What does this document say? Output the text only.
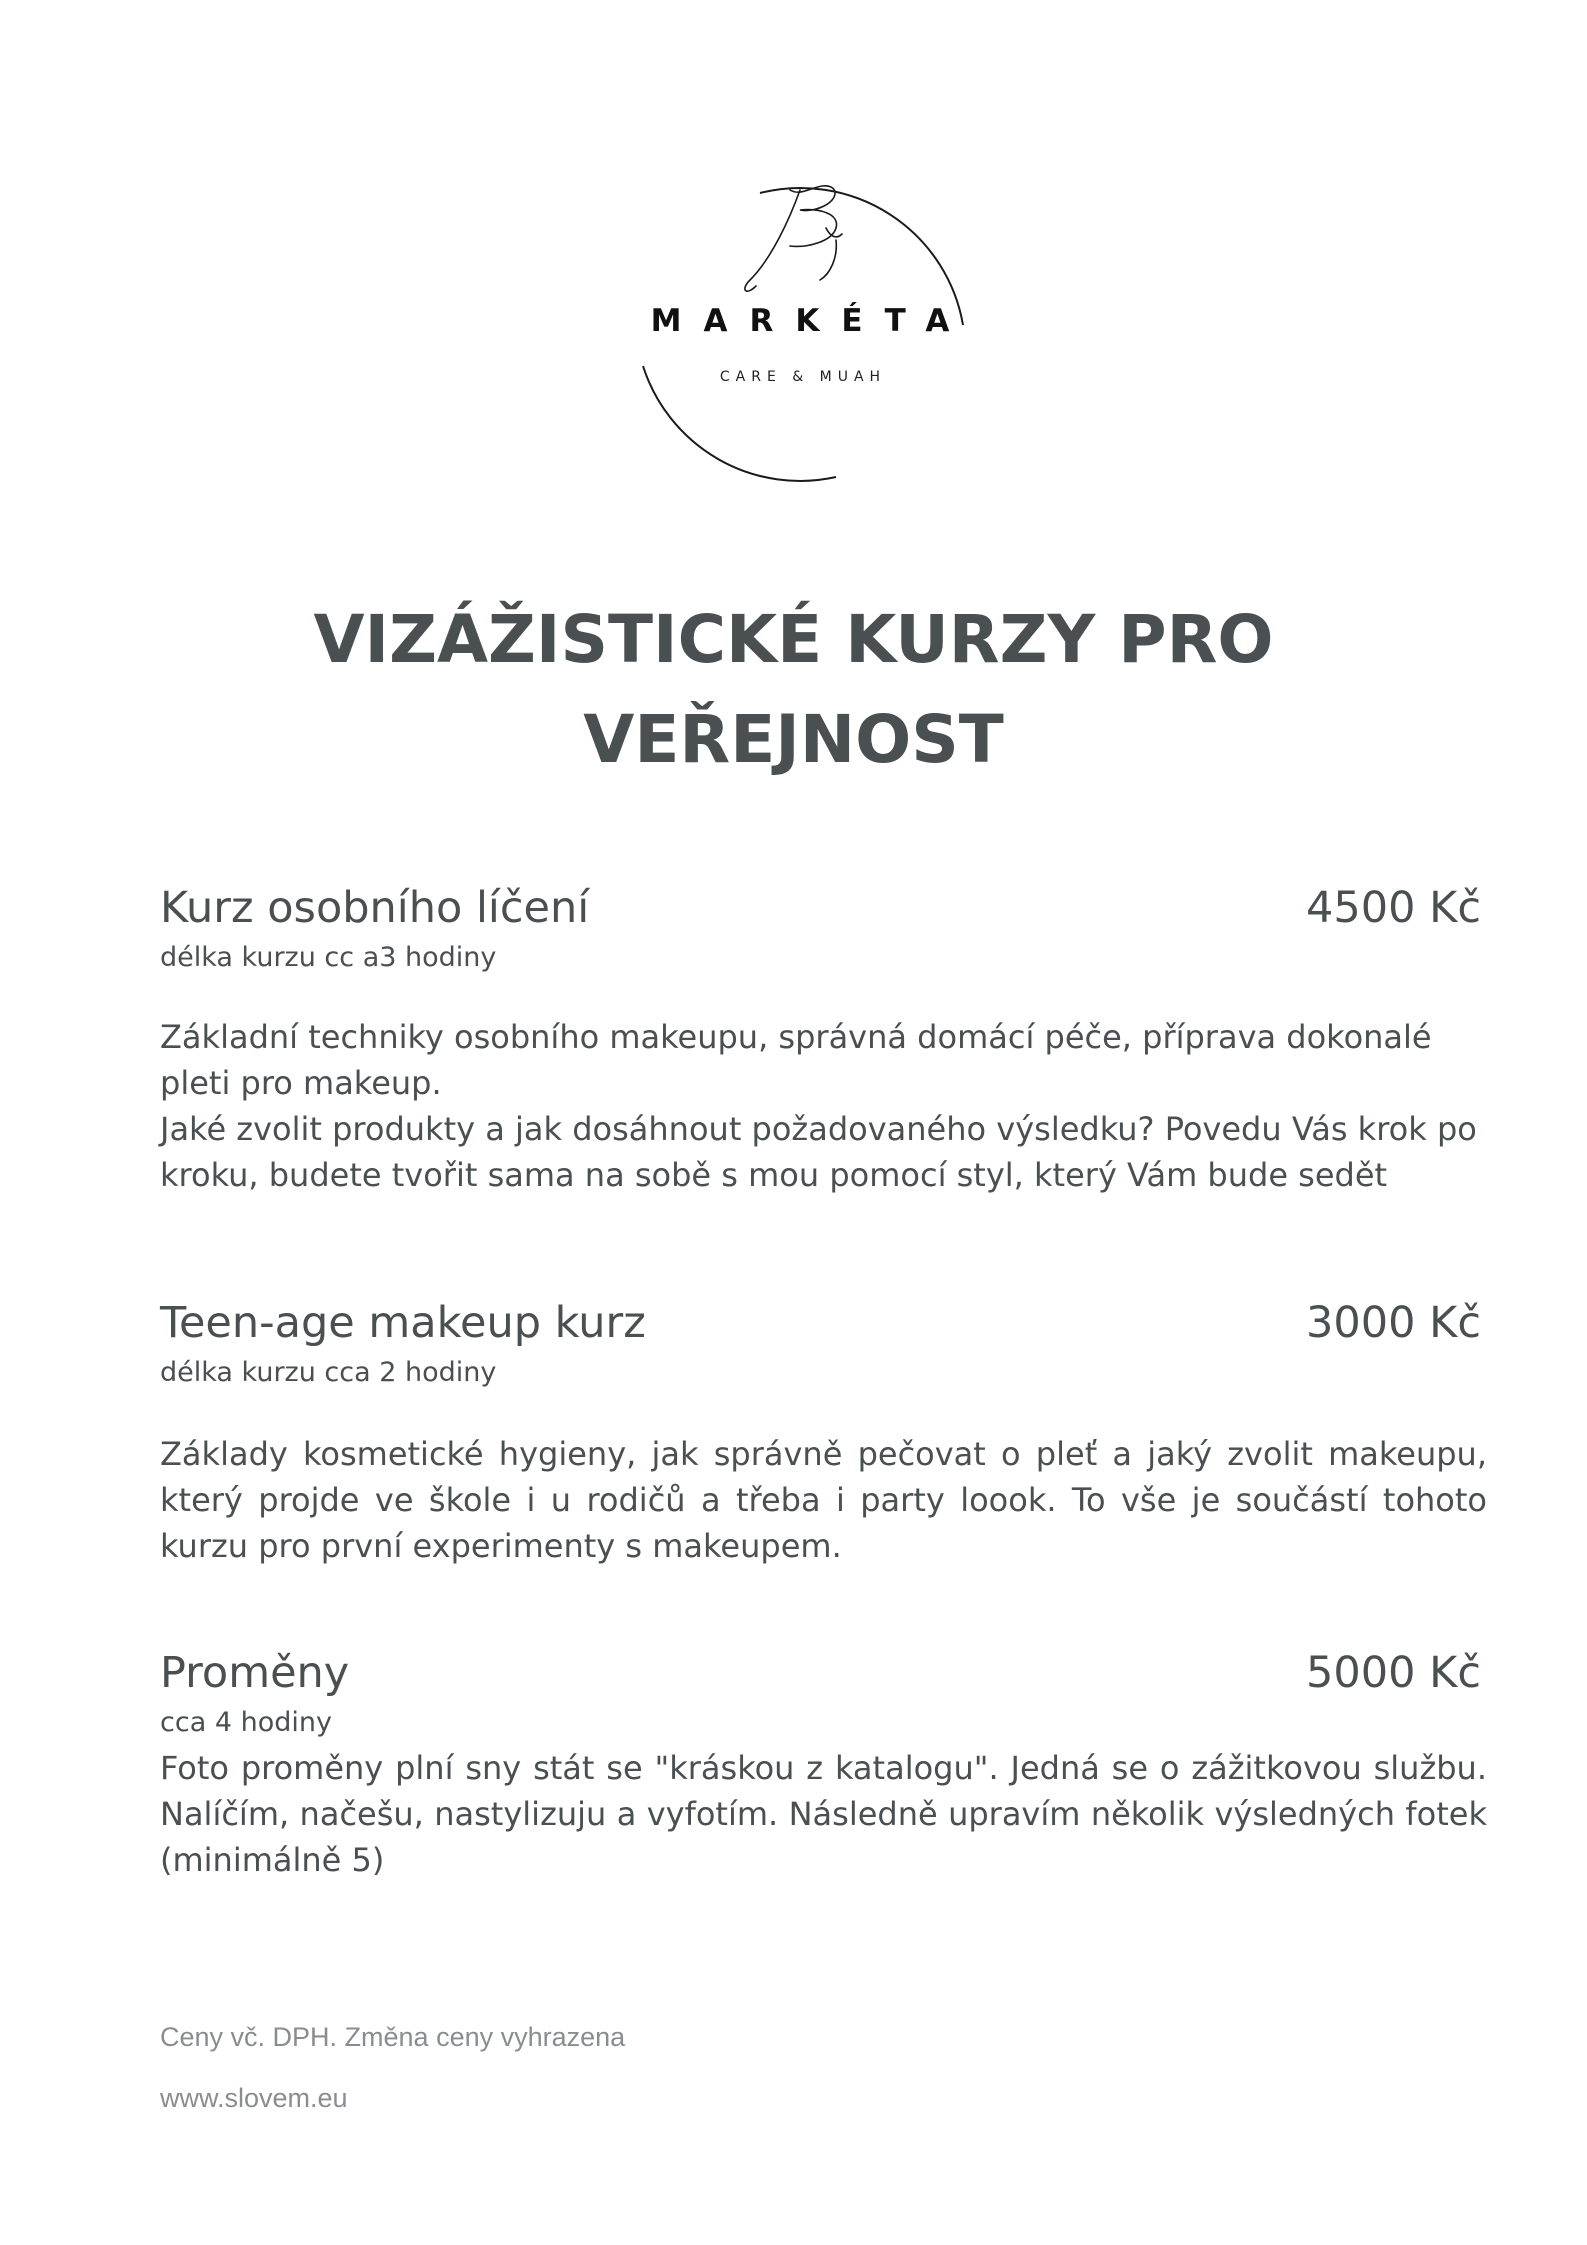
MARKÉTA
CARE & MUAH
VIZÁŽISTICKÉ KURZY PRO
VEŘEJNOST
Kurz osobního líčení	4500 Kč
délka kurzu cc a3 hodiny

Základní techniky osobního makeupu, správná domácí péče, příprava dokonalé pleti pro makeup.

Jaké zvolit produkty a jak dosáhnout požadovaného výsledku? Povedu Vás krok po kroku, budete tvořit sama na sobě s mou pomocí styl, který Vám bude sedět

Teen-age makeup kurz	3000 Kč
délka kurzu cca 2 hodiny

Základy kosmetické hygieny, jak správně pečovat o pleť a jaký zvolit makeupu, který projde ve škole i u rodičů a třeba i party loook. To vše je součástí tohoto kurzu pro první experimenty s makeupem.

Proměny	5000 Kč
cca 4 hodiny

Foto proměny plní sny stát se "kráskou z katalogu". Jedná se o zážitkovou službu. Nalíčím, načešu, nastylizuju a vyfotím. Následně upravím několik výsledných fotek (minimálně 5)

Ceny vč. DPH. Změna ceny vyhrazena
www.slovem.eu
